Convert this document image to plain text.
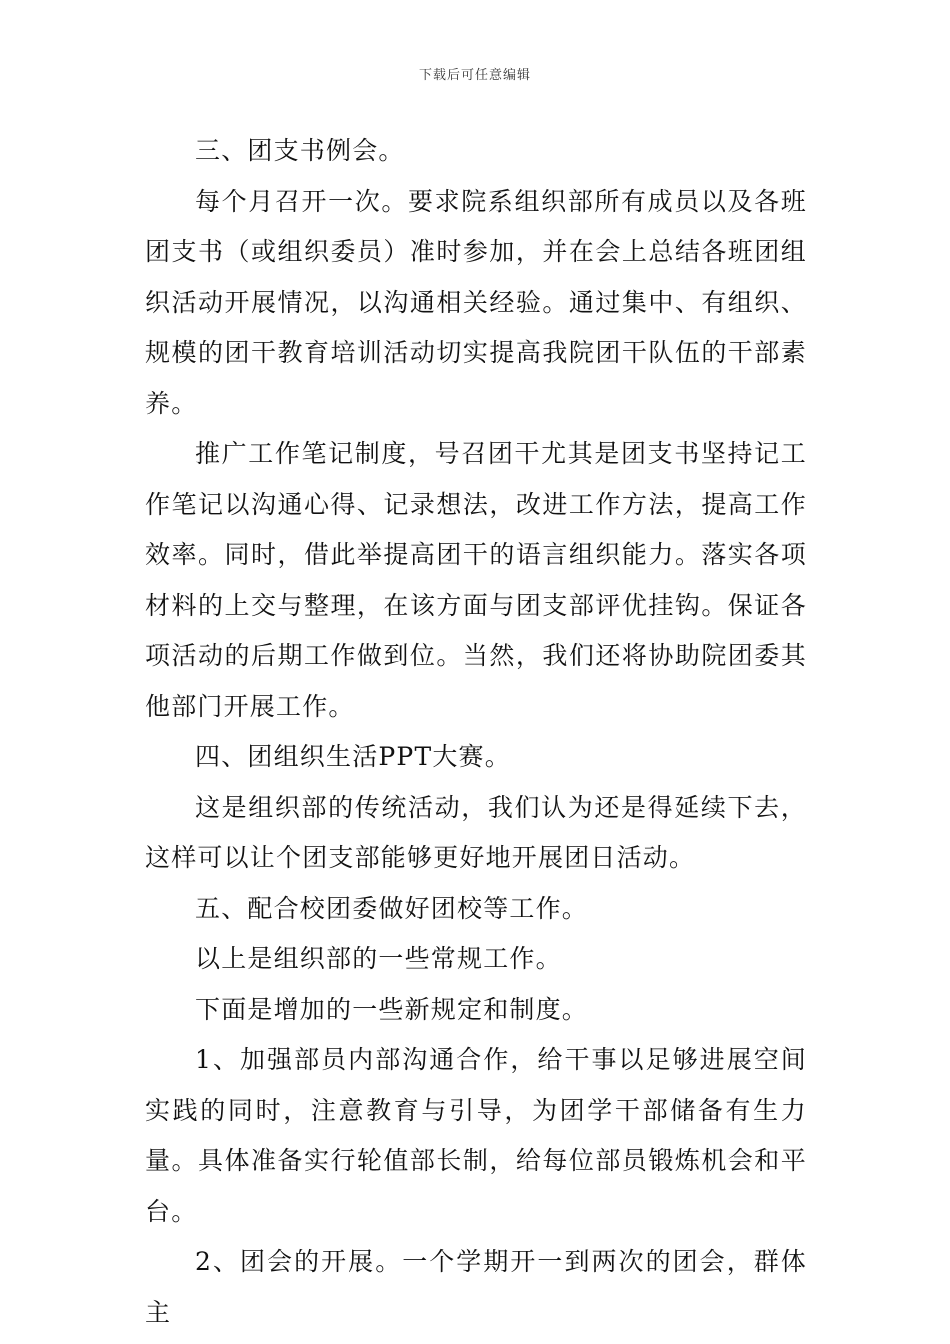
下载后可任意编辑

三、团支书例会。

每个月召开一次。要求院系组织部所有成员以及各班团支书（或组织委员）准时参加，并在会上总结各班团组织活动开展情况，以沟通相关经验。通过集中、有组织、规模的团干教育培训活动切实提高我院团干队伍的干部素养。

推广工作笔记制度，号召团干尤其是团支书坚持记工作笔记以沟通心得、记录想法，改进工作方法，提高工作效率。同时，借此举提高团干的语言组织能力。落实各项材料的上交与整理，在该方面与团支部评优挂钩。保证各项活动的后期工作做到位。当然，我们还将协助院团委其他部门开展工作。

四、团组织生活PPT大赛。

这是组织部的传统活动，我们认为还是得延续下去，这样可以让个团支部能够更好地开展团日活动。

五、配合校团委做好团校等工作。

以上是组织部的一些常规工作。

下面是增加的一些新规定和制度。

1、加强部员内部沟通合作，给干事以足够进展空间实践的同时，注意教育与引导，为团学干部储备有生力量。具体准备实行轮值部长制，给每位部员锻炼机会和平台。

2、团会的开展。一个学期开一到两次的团会，群体主
